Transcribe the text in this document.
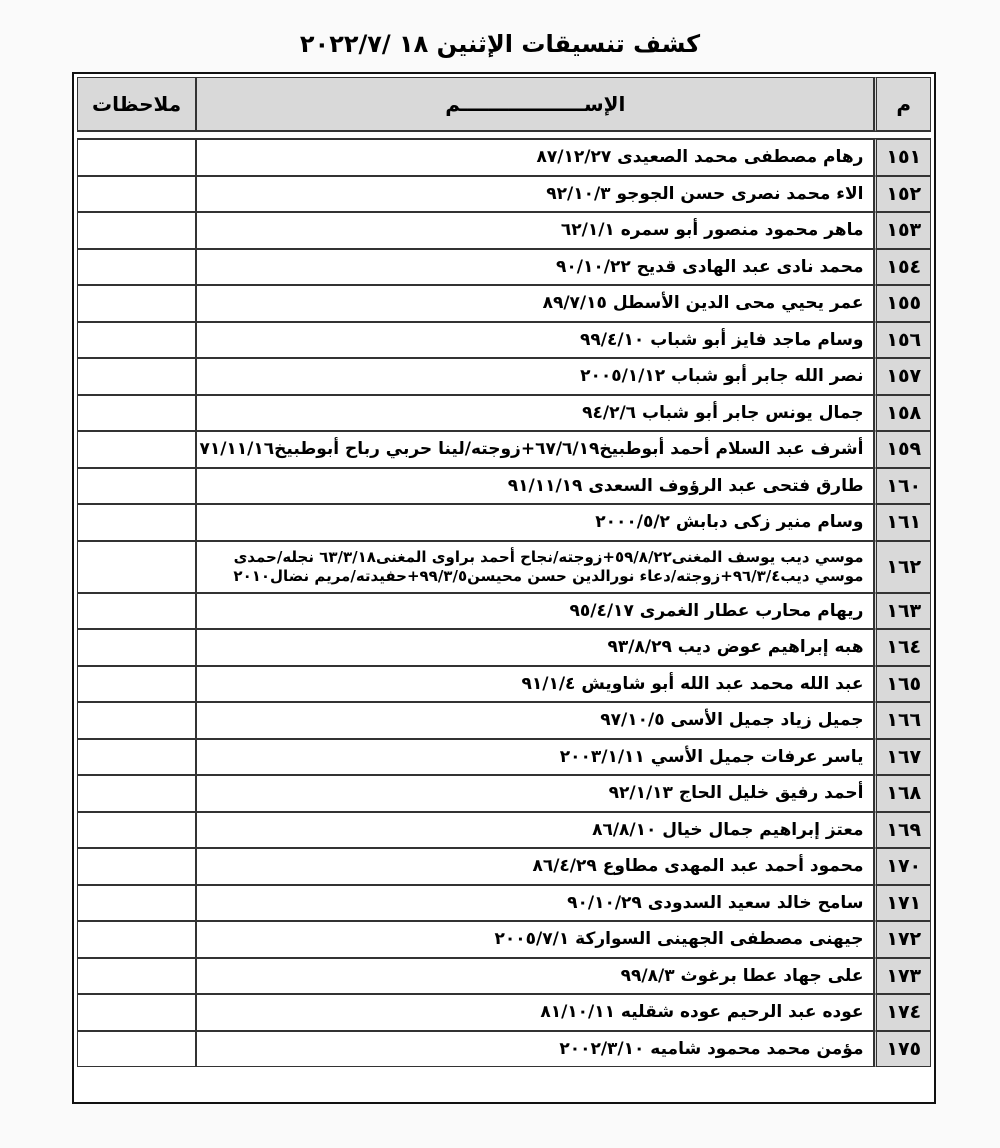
كشف تنسيقات الإثنين ١٨ /٢٠٢٢/٧
م	الإســــــــــــــــــم	ملاحظات

١٥١	رهام مصطفى محمد الصعيدى ٨٧/١٢/٢٧	
١٥٢	الاء محمد نصرى حسن الجوجو ٩٢/١٠/٣	
١٥٣	ماهر محمود منصور أبو سمره ٦٢/١/١	
١٥٤	محمد نادى عبد الهادى قديح ٩٠/١٠/٢٢	
١٥٥	عمر يحيي محى الدين الأسطل ٨٩/٧/١٥	
١٥٦	وسام ماجد فايز أبو شباب ٩٩/٤/١٠	
١٥٧	نصر الله جابر أبو شباب ٢٠٠٥/١/١٢	
١٥٨	جمال يونس جابر أبو شباب ٩٤/٢/٦	
١٥٩	أشرف عبد السلام أحمد أبوطبيخ٦٧/٦/١٩+زوجته/لينا حربي رباح أبوطبيخ٧١/١١/١٦	
١٦٠	طارق فتحى عبد الرؤوف السعدى ٩١/١١/١٩	
١٦١	وسام منير زكى دبابش ٢٠٠٠/٥/٢	
١٦٢	موسي ديب يوسف المغنى٥٩/٨/٢٢+زوجته/نجاح أحمد براوى المغنى٦٣/٣/١٨ نجله/حمدى موسي ديب٩٦/٣/٤+زوجته/دعاء نورالدين حسن محيسن٩٩/٣/٥+حفيدته/مريم نضال٢٠١٠	

١٦٣	ريهام محارب عطار الغمرى ٩٥/٤/١٧	
١٦٤	هبه إبراهيم عوض ديب ٩٣/٨/٢٩	
١٦٥	عبد الله محمد عبد الله أبو شاويش ٩١/١/٤	
١٦٦	جميل زياد جميل الأسى ٩٧/١٠/٥	
١٦٧	ياسر عرفات جميل الأسي ٢٠٠٣/١/١١	
١٦٨	أحمد رفيق خليل الحاج ٩٢/١/١٣	
١٦٩	معتز إبراهيم جمال خيال ٨٦/٨/١٠	
١٧٠	محمود أحمد عبد المهدى مطاوع ٨٦/٤/٢٩	
١٧١	سامح خالد سعيد السدودى ٩٠/١٠/٢٩	
١٧٢	جيهنى مصطفى الجهينى السواركة ٢٠٠٥/٧/١	
١٧٣	على جهاد عطا برغوث ٩٩/٨/٣	
١٧٤	عوده عبد الرحيم عوده شقليه ٨١/١٠/١١	
١٧٥	مؤمن محمد محمود شاميه ٢٠٠٢/٣/١٠	
